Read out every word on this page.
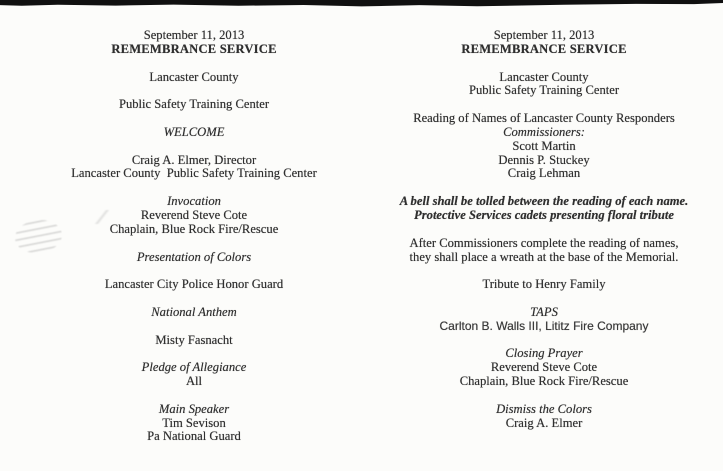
September 11, 2013
REMEMBRANCE SERVICE
Lancaster County
Public Safety Training Center
WELCOME
Craig A. Elmer, Director
Lancaster County  Public Safety Training Center
Invocation
Reverend Steve Cote
Chaplain, Blue Rock Fire/Rescue
Presentation of Colors
Lancaster City Police Honor Guard
National Anthem
Misty Fasnacht
Pledge of Allegiance
All
Main Speaker
Tim Sevison
Pa National Guard
September 11, 2013
REMEMBRANCE SERVICE
Lancaster County
Public Safety Training Center
Reading of Names of Lancaster County Responders
Commissioners:
Scott Martin
Dennis P. Stuckey
Craig Lehman
A bell shall be tolled between the reading of each name.
Protective Services cadets presenting floral tribute
After Commissioners complete the reading of names,
they shall place a wreath at the base of the Memorial.
Tribute to Henry Family
TAPS
Carlton B. Walls III, Lititz Fire Company
Closing Prayer
Reverend Steve Cote
Chaplain, Blue Rock Fire/Rescue
Dismiss the Colors
Craig A. Elmer
